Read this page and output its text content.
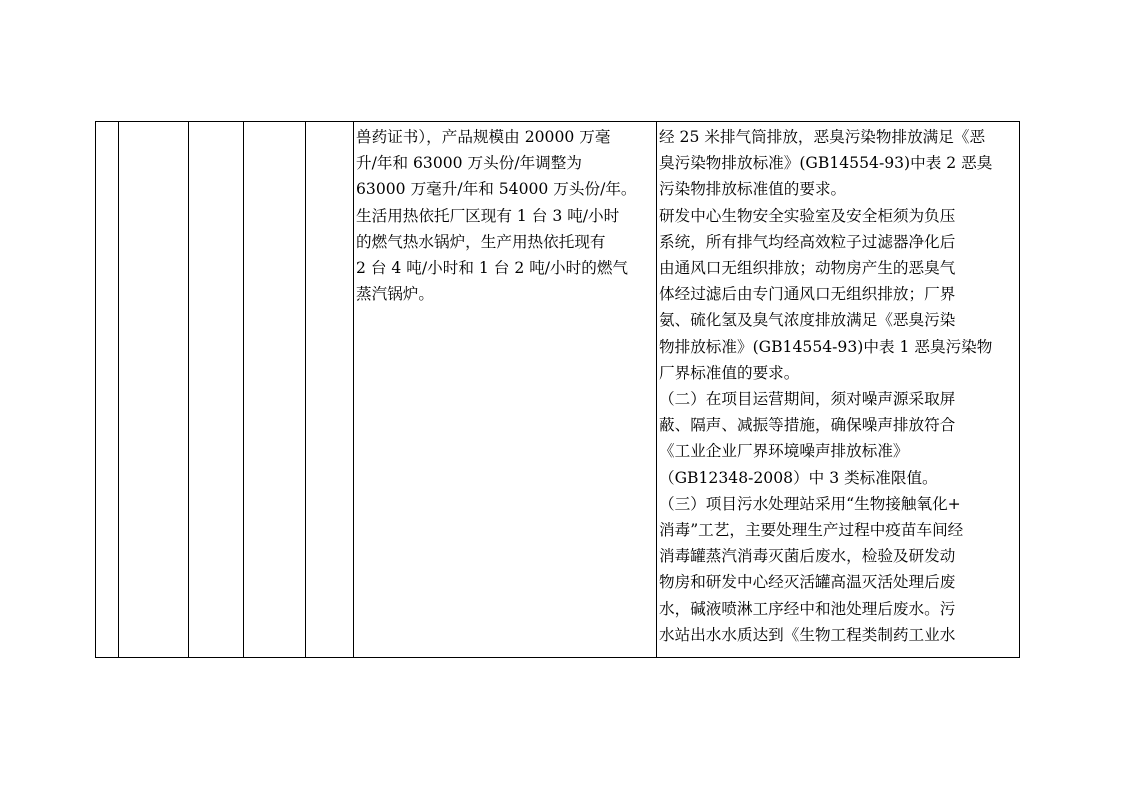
兽药证书），产品规模由 20000 万毫
升/年和 63000 万头份/年调整为
63000 万毫升/年和 54000 万头份/年。
生活用热依托厂区现有 1 台 3 吨/小时
的燃气热水锅炉，生产用热依托现有
2 台 4 吨/小时和 1 台 2 吨/小时的燃气
蒸汽锅炉。
经 25 米排气筒排放，恶臭污染物排放满足《恶
臭污染物排放标准》(GB14554-93)中表 2 恶臭
污染物排放标准值的要求。
研发中心生物安全实验室及安全柜须为负压
系统，所有排气均经高效粒子过滤器净化后
由通风口无组织排放；动物房产生的恶臭气
体经过滤后由专门通风口无组织排放；厂界
氨、硫化氢及臭气浓度排放满足《恶臭污染
物排放标准》(GB14554-93)中表 1 恶臭污染物
厂界标准值的要求。
（二）在项目运营期间，须对噪声源采取屏
蔽、隔声、减振等措施，确保噪声排放符合
《工业企业厂界环境噪声排放标准》
（GB12348-2008）中 3 类标准限值。
（三）项目污水处理站采用“生物接触氧化+
消毒”工艺，主要处理生产过程中疫苗车间经
消毒罐蒸汽消毒灭菌后废水，检验及研发动
物房和研发中心经灭活罐高温灭活处理后废
水，碱液喷淋工序经中和池处理后废水。污
水站出水水质达到《生物工程类制药工业水
